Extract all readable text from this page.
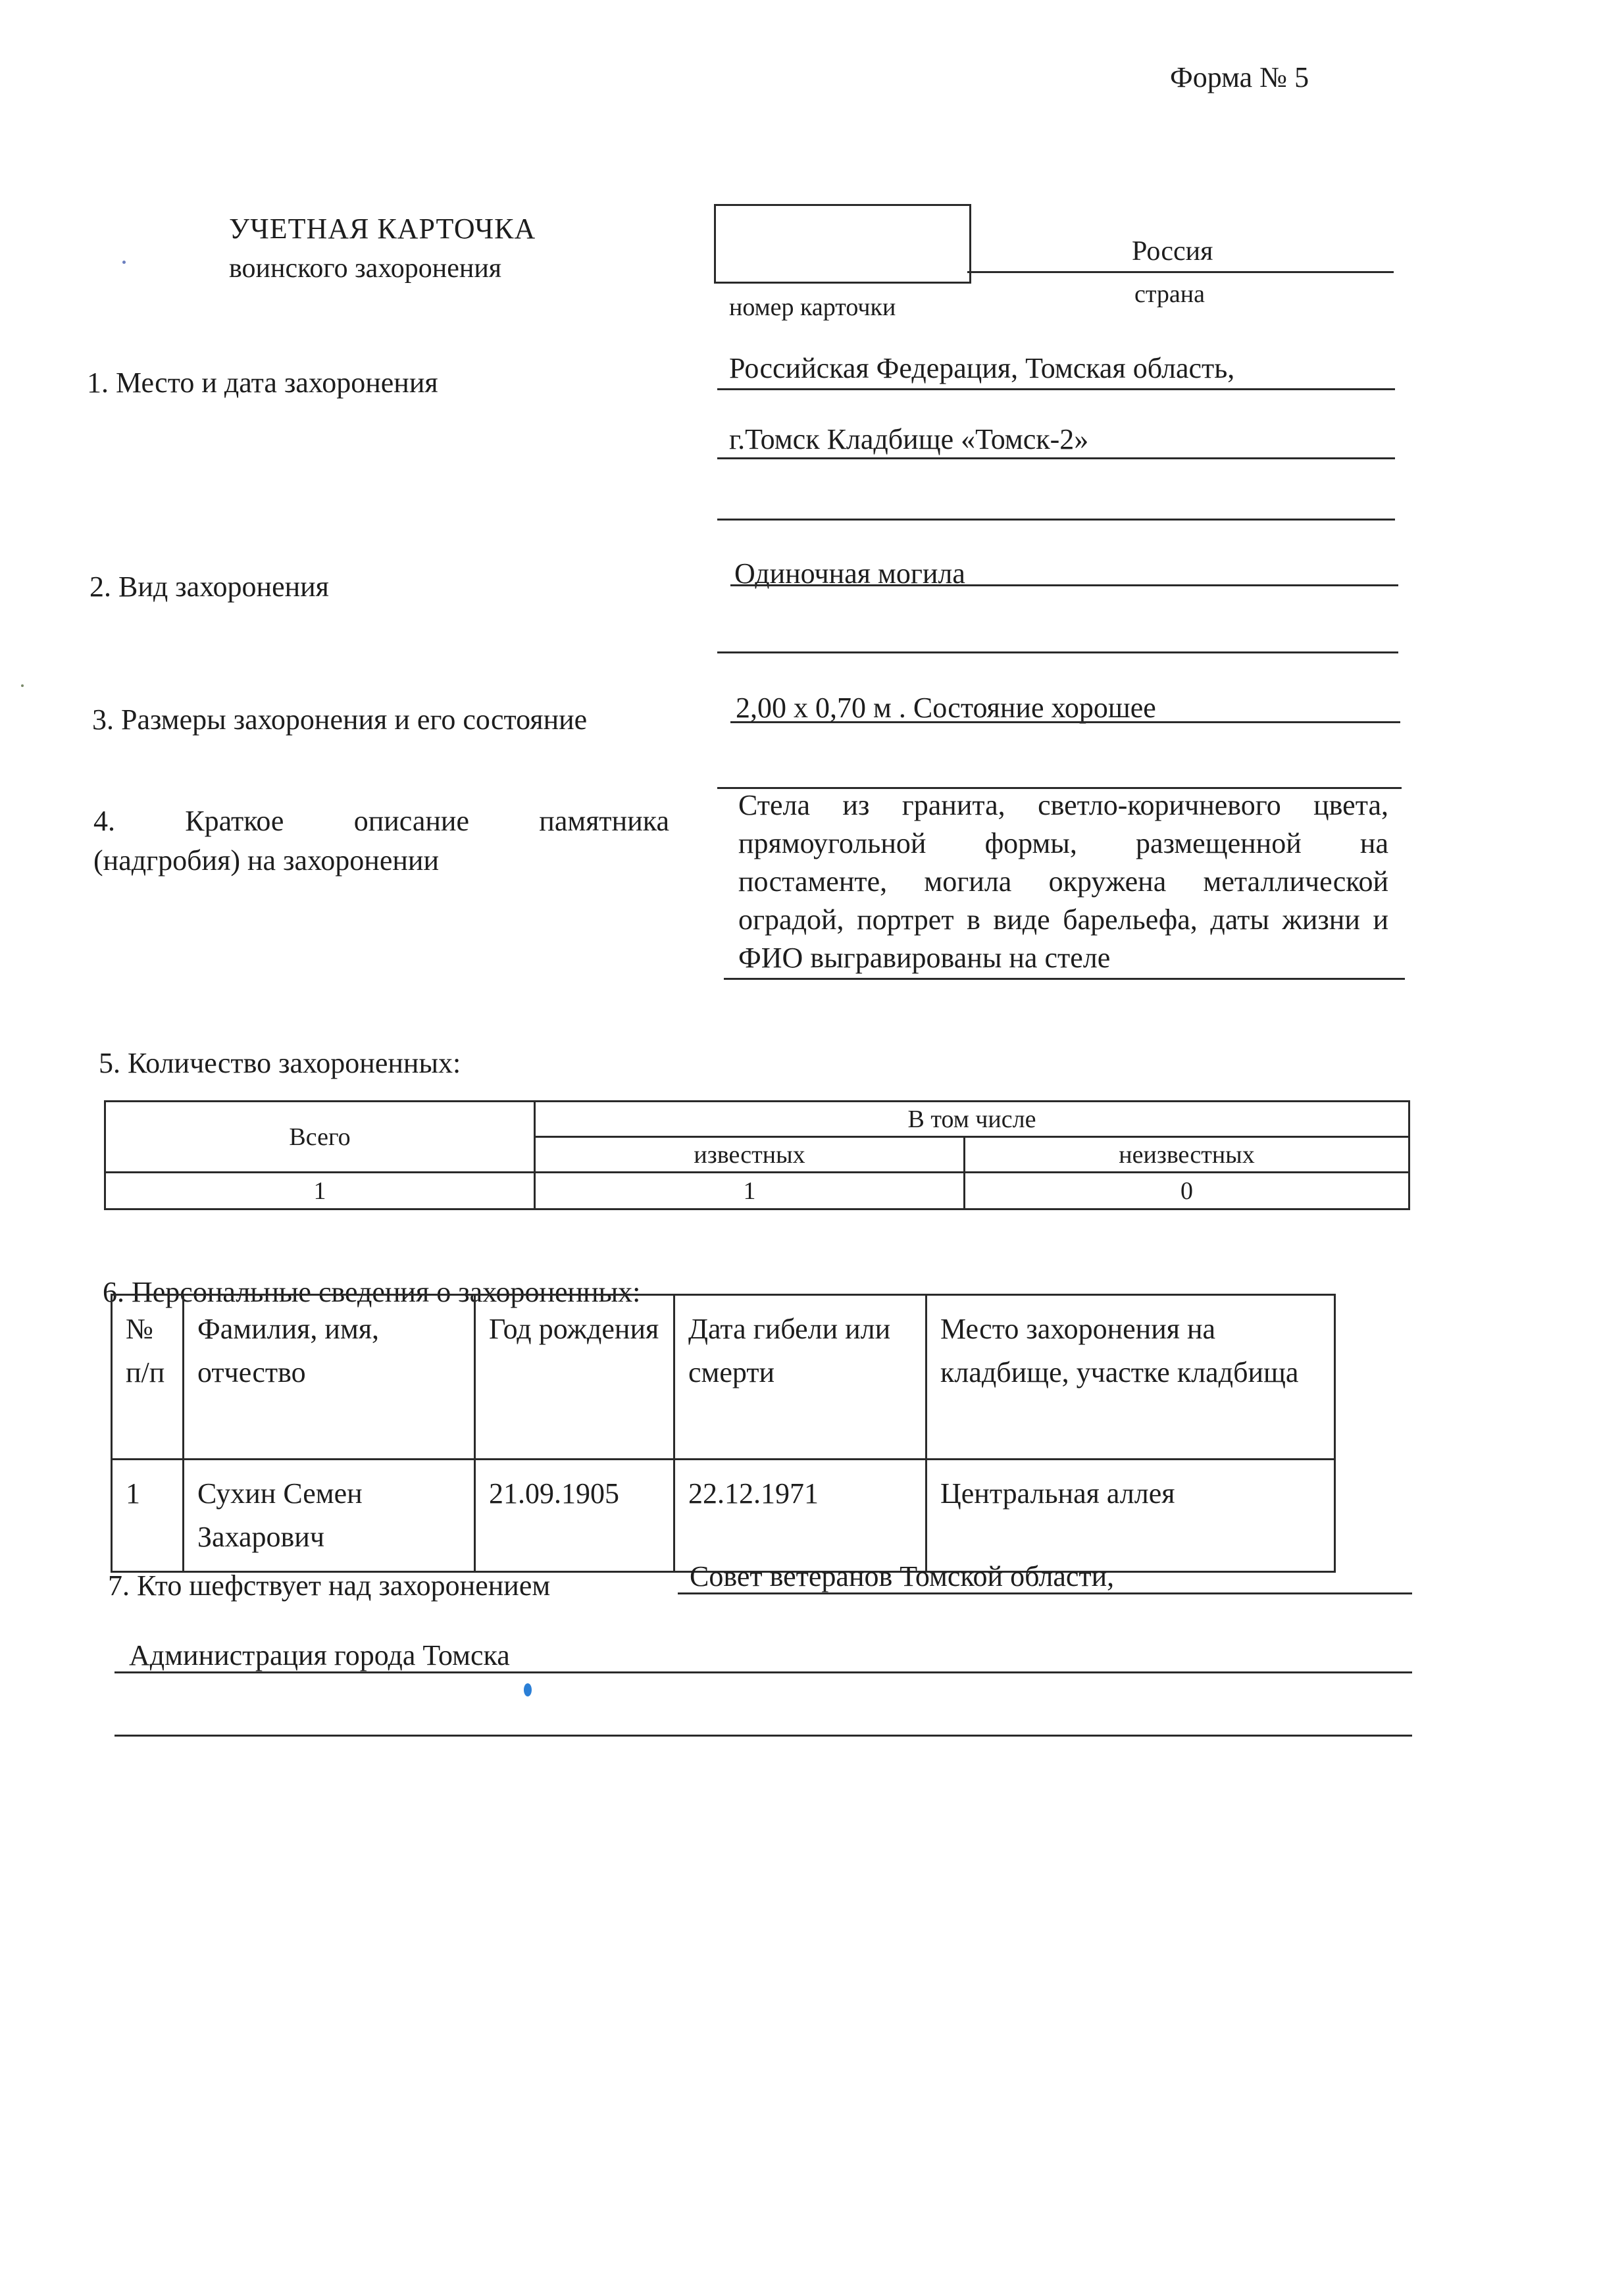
Форма № 5
УЧЕТНАЯ КАРТОЧКА
воинского захоронения
Россия
номер карточки	страна
1. Место и дата захоронения	Российская Федерация, Томская область,
г.Томск Кладбище «Томск-2»
2. Вид захоронения	Одиночная могила
3. Размеры захоронения и его состояние	2,00 х 0,70 м . Состояние хорошее
4. Краткое описание памятника
(надгробия) на захоронении
Стела из гранита, светло-коричневого цвета, прямоугольной формы, размещенной на постаменте, могила окружена металлической оградой, портрет в виде барельефа, даты жизни и ФИО выгравированы на стеле
5. Количество захороненных:
Всего	В том числе	
	известных	неизвестных
1	1	0
6. Персональные сведения о захороненных:
№ п/п	Фамилия, имя, отчество	Год рождения	Дата гибели или смерти	Место захоронения на кладбище, участке кладбища
1	Сухин Семен Захарович	21.09.1905	22.12.1971	Центральная аллея
7. Кто шефствует над захоронением	Совет ветеранов Томской области,
Администрация города Томска
